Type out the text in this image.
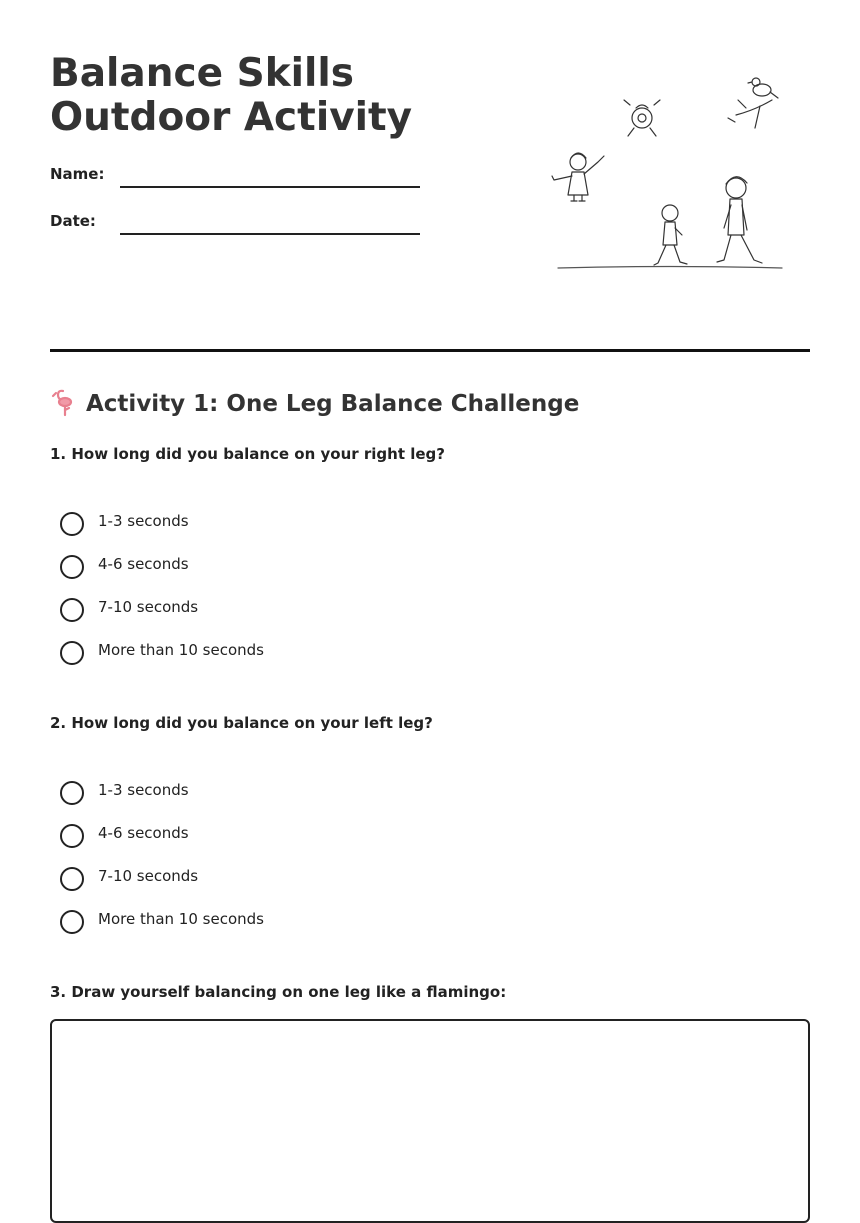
Balance Skills Outdoor Activity
Name:
Date:
Activity 1: One Leg Balance Challenge
1. How long did you balance on your right leg?
1-3 seconds
4-6 seconds
7-10 seconds
More than 10 seconds
2. How long did you balance on your left leg?
1-3 seconds
4-6 seconds
7-10 seconds
More than 10 seconds
3. Draw yourself balancing on one leg like a flamingo:
